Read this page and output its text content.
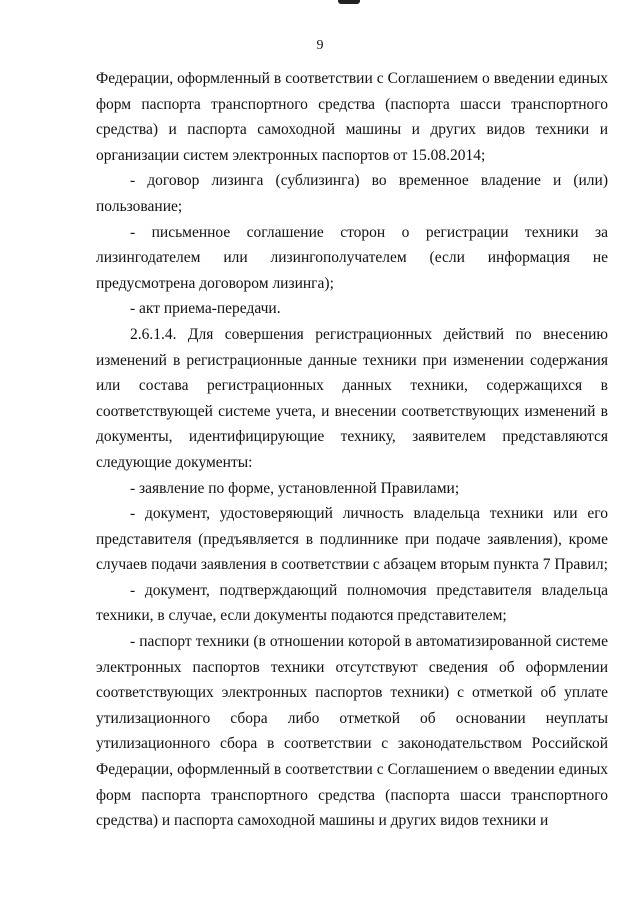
9

Федерации, оформленный в соответствии с Соглашением о введении единых форм паспорта транспортного средства (паспорта шасси транспортного средства) и паспорта самоходной машины и других видов техники и организации систем электронных паспортов от 15.08.2014;

- договор лизинга (сублизинга) во временное владение и (или) пользование;

- письменное соглашение сторон о регистрации техники за лизингодателем или лизингополучателем (если информация не предусмотрена договором лизинга);

- акт приема-передачи.

2.6.1.4. Для совершения регистрационных действий по внесению изменений в регистрационные данные техники при изменении содержания или состава регистрационных данных техники, содержащихся в соответствующей системе учета, и внесении соответствующих изменений в документы, идентифицирующие технику, заявителем представляются следующие документы:

- заявление по форме, установленной Правилами;

- документ, удостоверяющий личность владельца техники или его представителя (предъявляется в подлиннике при подаче заявления), кроме случаев подачи заявления в соответствии с абзацем вторым пункта 7 Правил;

- документ, подтверждающий полномочия представителя владельца техники, в случае, если документы подаются представителем;

- паспорт техники (в отношении которой в автоматизированной системе электронных паспортов техники отсутствуют сведения об оформлении соответствующих электронных паспортов техники) с отметкой об уплате утилизационного сбора либо отметкой об основании неуплаты утилизационного сбора в соответствии с законодательством Российской Федерации, оформленный в соответствии с Соглашением о введении единых форм паспорта транспортного средства (паспорта шасси транспортного средства) и паспорта самоходной машины и других видов техники и
